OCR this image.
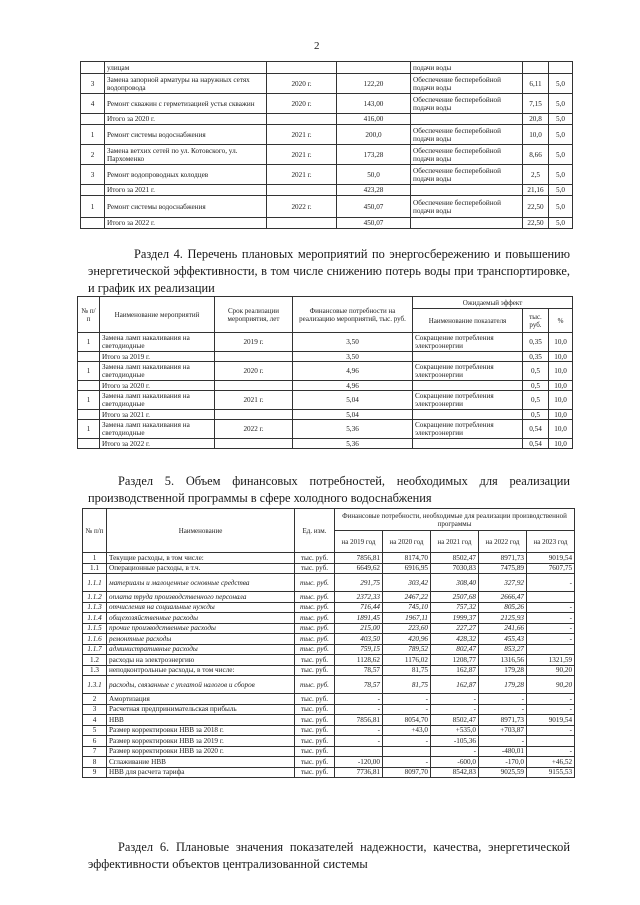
2
	улицам			подачи воды		
3	Замена запорной арматуры на наружных сетях водопровода	2020 г.	122,20	Обеспечение бесперебойной подачи воды	6,11	5,0
4	Ремонт скважин с герметизацией устья скважин	2020 г.	143,00	Обеспечение бесперебойной подачи воды	7,15	5,0
	Итого за 2020 г.		416,00		20,8	5,0
1	Ремонт системы водоснабжения	2021 г.	200,0	Обеспечение бесперебойной подачи воды	10,0	5,0
2	Замена ветхих сетей по ул. Котовского, ул. Пархоменко	2021 г.	173,28	Обеспечение бесперебойной подачи воды	8,66	5,0
3	Ремонт водопроводных колодцев	2021 г.	50,0	Обеспечение бесперебойной подачи воды	2,5	5,0
	Итого за 2021 г.		423,28		21,16	5,0
1	Ремонт системы водоснабжения	2022 г.	450,07	Обеспечение бесперебойной подачи воды	22,50	5,0
	Итого за 2022 г.		450,07		22,50	5,0
Раздел 4. Перечень плановых мероприятий по энергосбережению и повышению энергетической эффективности, в том числе снижению потерь воды при транспортировке, и график их реализации
№ п/п	Наименование мероприятий	Срок реализации мероприятия, лет	Финансовые потребности на реализацию мероприятий, тыс. руб.	Ожидаемый эффект		
				Наименование показателя	тыс. руб.	%
1	Замена ламп накаливания на светодиодные	2019 г.	3,50	Сокращение потребления электроэнергии	0,35	10,0
	Итого за 2019 г.		3,50		0,35	10,0
1	Замена ламп накаливания на светодиодные	2020 г.	4,96	Сокращение потребления электроэнергии	0,5	10,0
	Итого за 2020 г.		4,96		0,5	10,0
1	Замена ламп накаливания на светодиодные	2021 г.	5,04	Сокращение потребления электроэнергии	0,5	10,0
	Итого за 2021 г.		5,04		0,5	10,0
1	Замена ламп накаливания на светодиодные	2022 г.	5,36	Сокращение потребления электроэнергии	0,54	10,0
	Итого за 2022 г.		5,36		0,54	10,0
Раздел 5. Объем финансовых потребностей, необходимых для реализации производственной программы в сфере холодного водоснабжения
№ п/п	Наименование	Ед. изм.	Финансовые потребности, необходимые для реализации производственной программы				
			на 2019 год	на 2020 год	на 2021 год	на 2022 год	на 2023 год
1	Текущие расходы, в том числе:	тыс. руб.	7856,81	8174,70	8502,47	8971,73	9019,54
1.1	Операционные расходы, в т.ч.	тыс. руб.	6649,62	6916,95	7030,83	7475,89	7607,75
1.1.1	материалы и малоценные основные средства	тыс. руб.	291,75	303,42	308,40	327,92	-
1.1.2	оплата труда производственного персонала	тыс. руб.	2372,33	2467,22	2507,68	2666,47	
1.1.3	отчисления на социальные нужды	тыс. руб.	716,44	745,10	757,32	805,26	-
1.1.4	общехозяйственные расходы	тыс. руб.	1891,45	1967,11	1999,37	2125,93	-
1.1.5	прочие производственные расходы	тыс. руб.	215,00	223,60	227,27	241,66	-
1.1.6	ремонтные расходы	тыс. руб.	403,50	420,96	428,32	455,43	-
1.1.7	административные расходы	тыс. руб.	759,15	789,52	802,47	853,27	
1.2	расходы на электроэнергию	тыс. руб.	1128,62	1176,02	1208,77	1316,56	1321,59
1.3	неподконтрольные расходы, в том числе:	тыс. руб.	78,57	81,75	162,87	179,28	90,20
1.3.1	расходы, связанные с уплатой налогов и сборов	тыс. руб.	78,57	81,75	162,87	179,28	90,20
2	Амортизация	тыс. руб.	-	-	-	-	-
3	Расчетная предпринимательская прибыль	тыс. руб.	-	-	-	-	-
4	НВВ	тыс. руб.	7856,81	8054,70	8502,47	8971,73	9019,54
5	Размер корректировки НВВ за 2018 г.	тыс. руб.	-	+43,0	+535,0	+703,87	-
6	Размер корректировки НВВ за 2019 г.	тыс. руб.	-	-	-105,36	-	
7	Размер корректировки НВВ за 2020 г.	тыс. руб.			-	-480,01	-
8	Сглаживание НВВ	тыс. руб.	-120,00	-	-600,0	-170,0	+46,52
9	НВВ для расчета тарифа	тыс. руб.	7736,81	8097,70	8542,83	9025,59	9155,53
Раздел 6. Плановые значения показателей надежности, качества, энергетической эффективности объектов централизованной системы
